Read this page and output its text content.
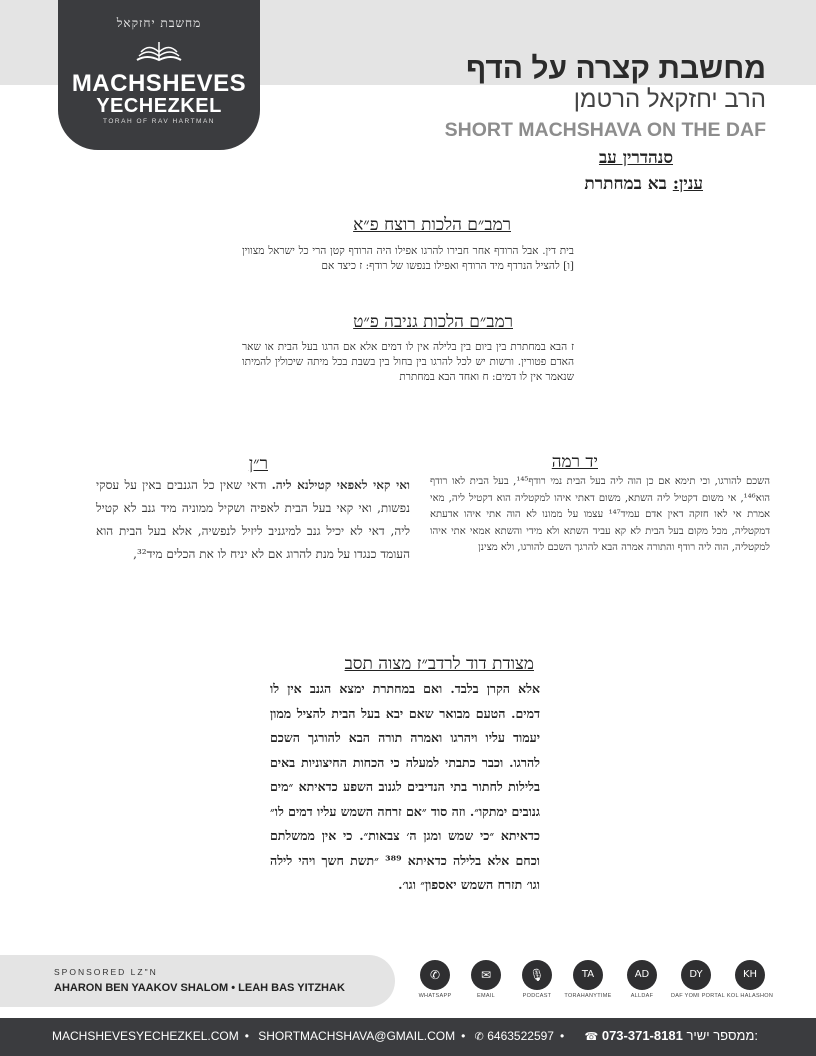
מחשבת יחזקאל
MACHSHEVES
YECHEZKEL
TORAH OF RAV HARTMAN
מחשבת קצרה על הדף
הרב יחזקאל הרטמן
SHORT MACHSHAVA ON THE DAF
סנהדרין עב
ענין: בא במחתרת
רמב״ם הלכות רוצח פ״א
בית דין. אבל הרודף אחר חבירו להרגו אפילו היה הרודף קטן הרי כל ישראל מצווין [ו] להציל הנרדף מיד הרודף ואפילו בנפשו של רודף: ז כיצד אם
רמב״ם הלכות גניבה פ״ט
ז הבא במחתרת בין ביום בין בלילה אין לו דמים אלא אם הרגו בעל הבית או שאר האדם פטורין. ורשות יש לכל להרגו בין בחול בין בשבת בכל מיתה שיכולין להמיתו שנאמר אין לו דמים: ח ואחד הבא במחתרת
יד רמה
השכם להורגו, וכי תימא אם כן הוה ליה בעל הבית נמי רודף¹⁴⁵, בעל הבית לאו רודף הוא¹⁴⁶, אי משום דקטיל ליה השתא, משום דאתי איהו למקטליה הוא דקטיל ליה, מאי אמרת אי לאו חזקה דאין אדם עמיד¹⁴⁷ עצמו על ממונו לא הוה אתי איהו אדעתא דמקטליה, מכל מקום בעל הבית לא קא עביד השתא ולא מידי והשתא אמאי אתי איהו למקטליה, הוה ליה רודף והתורה אמרה הבא להרגך השכם להורגו, ולא מצינן
ר״ן
ואי קאי לאפאי קטילנא ליה. ודאי שאין כל הגנבים באין על עסקי נפשות, ואי קאי בעל הבית לאפיה ושקיל ממוניה מיד גנב לא קטיל ליה, דאי לא יכיל גנב למיגניב ליזיל לנפשיה, אלא בעל הבית הוא העומד כנגדו על מנת להרוג אם לא יניח לו את הכלים מיד³²,
מצודת דוד לרדב״ז מצוה תסב
אלא הקרן בלבד. ואם במחתרת ימצא הגנב אין לו דמים. הטעם מבואר שאם יבא בעל הבית להציל ממון יעמוד עליו ויהרגו ואמרה תורה הבא להורגך השכם להרגו. וכבר כתבתי למעלה כי הכחות החיצוניות באים בלילות לחתור בתי הנדיבים לגנוב השפע כדאיתא ״מים גנובים ימתקו״. וזה סוד ״אם זרחה השמש עליו דמים לו״ כדאיתא ״כי שמש ומגן ה׳ צבאות״. כי אין ממשלתם וכחם אלא בלילה כדאיתא ³⁸⁹ ״תשת חשך ויהי לילה וגו׳ תזרח השמש יאספון״ וגו׳.
SPONSORED LZ"N
AHARON BEN YAAKOV SHALOM • LEAH BAS YITZHAK
✆
WHATSAPP
✉
EMAIL
🎙
PODCAST
TA
TORAHANYTIME
AD
ALLDAF
DY
DAF YOMI PORTAL
KH
KOL HALASHON
MACHSHEVESYECHEZKEL.COM • SHORTMACHSHAVA@GMAIL.COM • ✆ 6463522597 •	☎ 073-371-8181 ממספר ישיר:
